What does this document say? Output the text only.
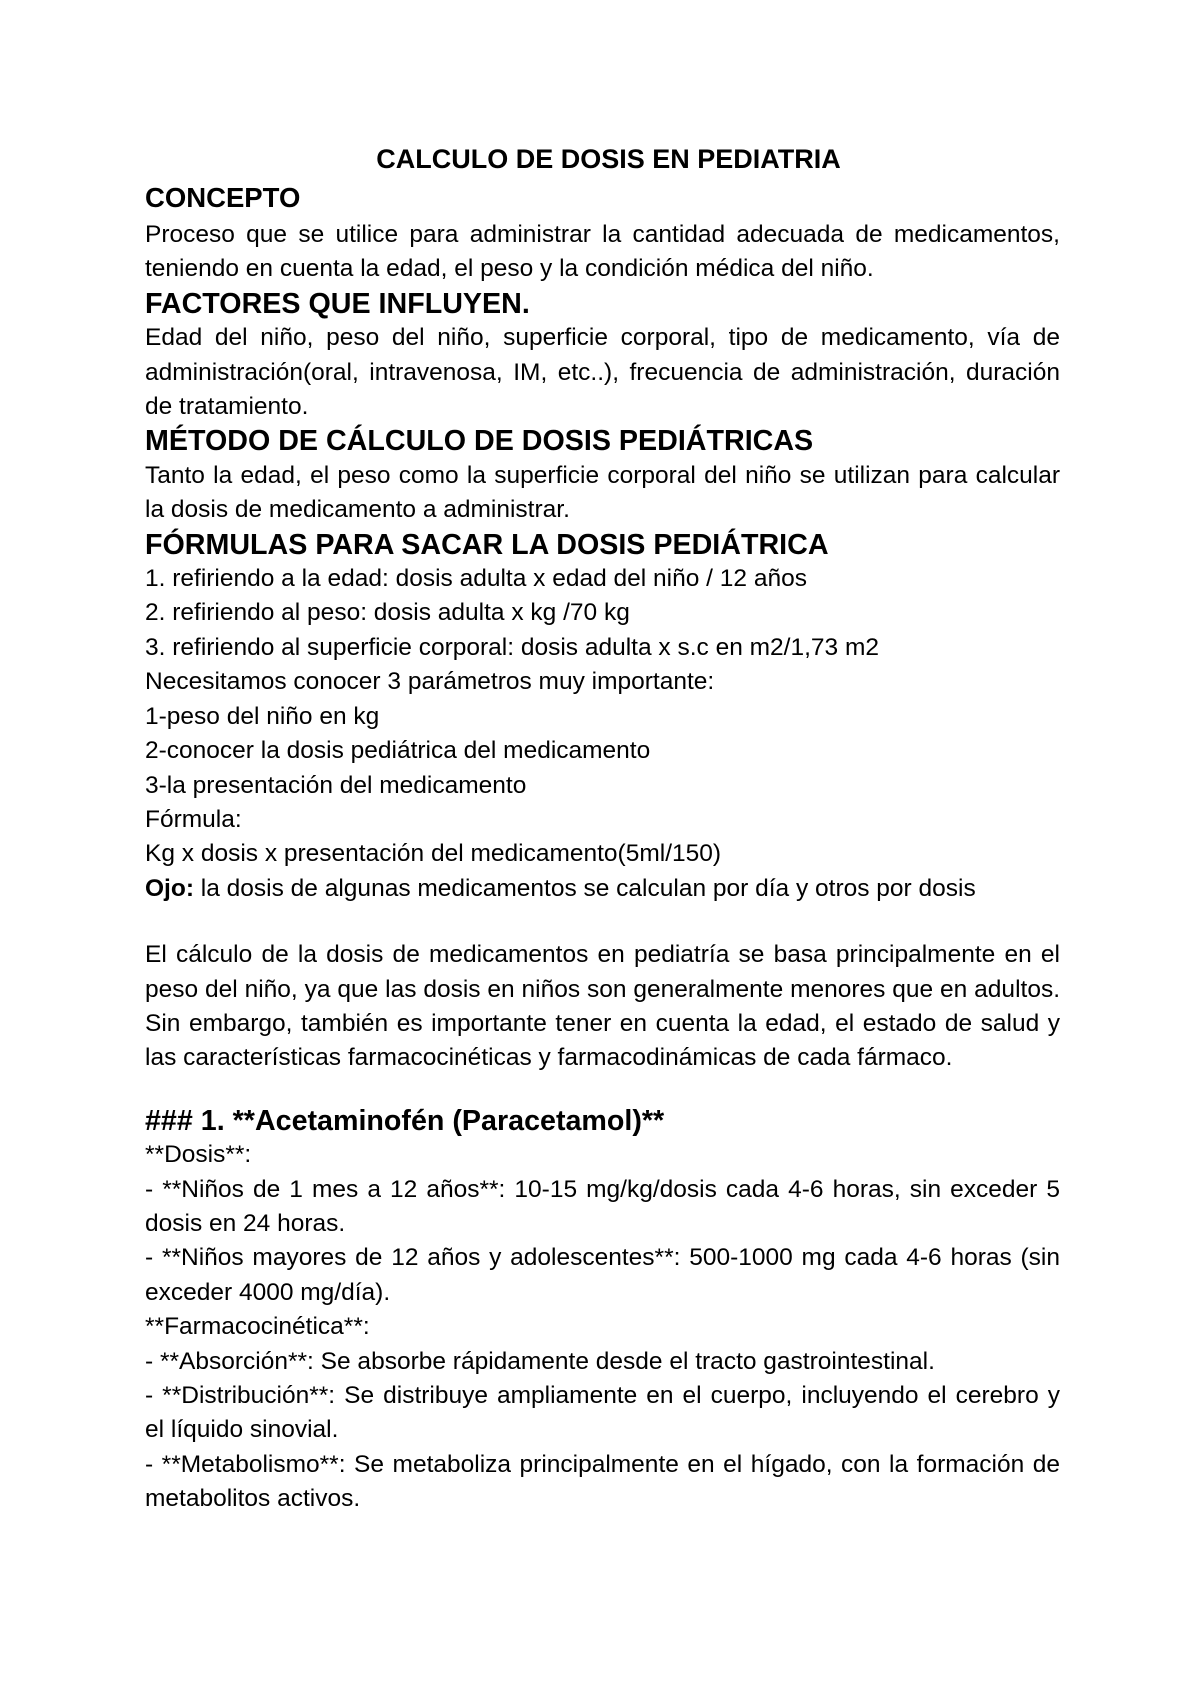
CALCULO DE DOSIS EN PEDIATRIA
CONCEPTO

Proceso que se utilice para administrar la cantidad adecuada de medicamentos, teniendo en cuenta la edad, el peso y la condición médica del niño.

FACTORES QUE INFLUYEN.

Edad del niño, peso del niño, superficie corporal, tipo de medicamento, vía de administración(oral, intravenosa, IM, etc..), frecuencia de administración, duración de tratamiento.

MÉTODO DE CÁLCULO DE DOSIS PEDIÁTRICAS

Tanto la edad, el peso como la superficie corporal del niño se utilizan para calcular la dosis de medicamento a administrar.

FÓRMULAS PARA SACAR LA DOSIS PEDIÁTRICA

1. refiriendo a la edad: dosis adulta x edad del niño / 12 años

2. refiriendo al peso: dosis adulta x kg /70 kg

3. refiriendo al superficie corporal: dosis adulta x s.c en m2/1,73 m2

Necesitamos conocer 3 parámetros muy importante:

1-peso del niño en kg

2-conocer la dosis pediátrica del medicamento

3-la presentación del medicamento

Fórmula:

Kg x dosis x presentación del medicamento(5ml/150)

Ojo: la dosis de algunas medicamentos se calculan por día y otros por dosis

El cálculo de la dosis de medicamentos en pediatría se basa principalmente en el peso del niño, ya que las dosis en niños son generalmente menores que en adultos. Sin embargo, también es importante tener en cuenta la edad, el estado de salud y las características farmacocinéticas y farmacodinámicas de cada fármaco.

### 1. **Acetaminofén (Paracetamol)**

**Dosis**:

- **Niños de 1 mes a 12 años**: 10-15 mg/kg/dosis cada 4-6 horas, sin exceder 5 dosis en 24 horas.

- **Niños mayores de 12 años y adolescentes**: 500-1000 mg cada 4-6 horas (sin exceder 4000 mg/día).

**Farmacocinética**:

- **Absorción**: Se absorbe rápidamente desde el tracto gastrointestinal.

- **Distribución**: Se distribuye ampliamente en el cuerpo, incluyendo el cerebro y el líquido sinovial.

- **Metabolismo**: Se metaboliza principalmente en el hígado, con la formación de metabolitos activos.
